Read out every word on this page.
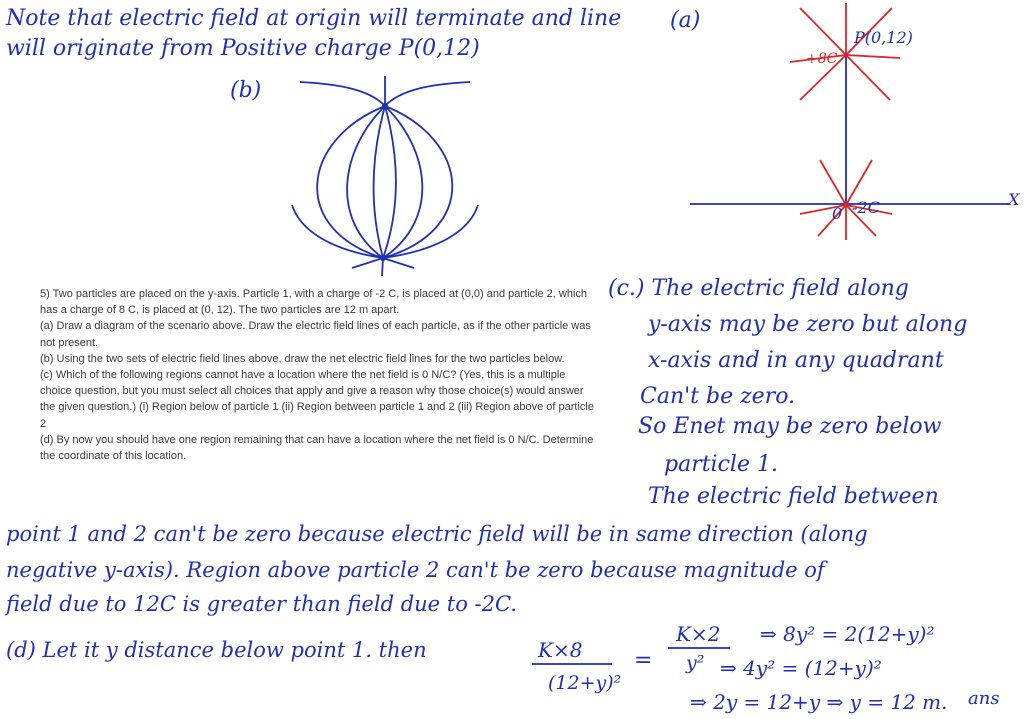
Note that electric field at origin will terminate and line
will originate from Positive charge P(0,12)
(b)
(a)
+8C
P(0,12)
-2C
0
X

5) Two particles are placed on the y-axis. Particle 1, with a charge of -2 C, is placed at (0,0) and particle 2, which has a charge of 8 C, is placed at (0, 12). The two particles are 12 m apart.

(a) Draw a diagram of the scenario above. Draw the electric field lines of each particle, as if the other particle was not present.

(b) Using the two sets of electric field lines above, draw the net electric field lines for the two particles below.

(c) Which of the following regions cannot have a location where the net field is 0 N/C? (Yes, this is a multiple choice question, but you must select all choices that apply and give a reason why those choice(s) would answer the given question.) (i) Region below of particle 1 (ii) Region between particle 1 and 2 (iii) Region above of particle 2

(d) By now you should have one region remaining that can have a location where the net field is 0 N/C. Determine the coordinate of this location.

(c.) The electric field along
y-axis may be zero but along
x-axis and in any quadrant
Can't be zero.
So Enet may be zero below
particle 1.
The electric field between
point 1 and 2 can't be zero because electric field will be in same direction (along
negative y-axis). Region above particle 2 can't be zero because magnitude of
field due to 12C is greater than field due to -2C.
(d) Let it y distance below point 1. then	K×8
(12+y)²
=
K×2
y²
⇒ 8y² = 2(12+y)²
⇒ 4y² = (12+y)²
⇒ 2y = 12+y ⇒ y = 12 m. ans
